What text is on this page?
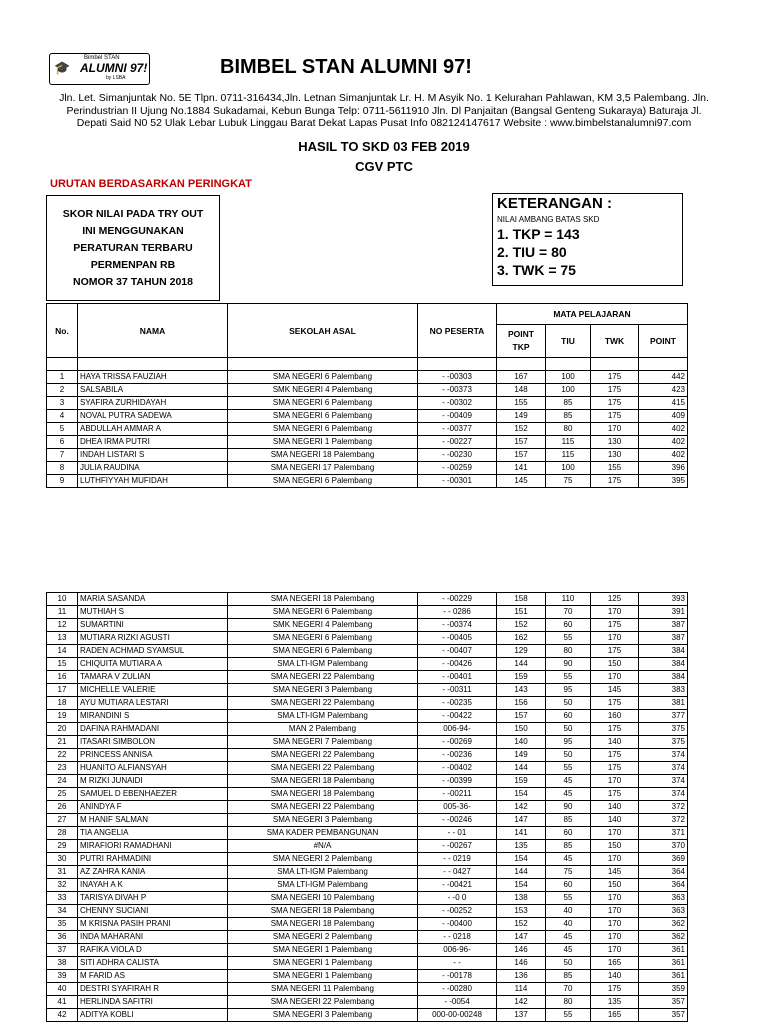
🎓
Bimbel STAN
ALUMNI 97!
by LSBA	BIMBEL STAN ALUMNI 97!
Jln. Let. Simanjuntak No. 5E Tlpn. 0711-316434,Jln. Letnan Simanjuntak Lr. H. M Asyik No. 1 Kelurahan Pahlawan, KM 3,5 Palembang. Jln.
Perindustrian II Ujung No.1884 Sukadamai, Kebun Bunga Telp: 0711-5611910 Jln. Dl Panjaitan (Bangsal Genteng Sukaraya) Baturaja Jl.
Depati Said N0 52 Ulak Lebar Lubuk Linggau Barat Dekat Lapas Pusat Info 082124147617 Website : www.bimbelstanalumni97.com
HASIL TO SKD 03 FEB 2019
CGV PTC
URUTAN BERDASARKAN PERINGKAT
SKOR NILAI PADA TRY OUT
INI MENGGUNAKAN
PERATURAN TERBARU
PERMENPAN RB
NOMOR 37 TAHUN 2018
KETERANGAN :
NILAI AMBANG BATAS SKD
1. TKP = 143
2. TIU = 80
3. TWK = 75
No.	NAMA	SEKOLAH ASAL	NO PESERTA	MATA PELAJARAN			
				POINT TKP	TIU	TWK	POINT

1	HAYA TRISSA FAUZIAH	SMA NEGERI 6 Palembang	- -00303	167	100	175	442
2	SALSABILA	SMK NEGERI 4 Palembang	- -00373	148	100	175	423
3	SYAFIRA ZURHIDAYAH	SMA NEGERI 6 Palembang	- -00302	155	85	175	415
4	NOVAL PUTRA SADEWA	SMA NEGERI 6 Palembang	- -00409	149	85	175	409
5	ABDULLAH AMMAR A	SMA NEGERI 6 Palembang	- -00377	152	80	170	402
6	DHEA IRMA PUTRI	SMA NEGERI 1 Palembang	- -00227	157	115	130	402
7	INDAH LISTARI S	SMA NEGERI 18 Palembang	- -00230	157	115	130	402
8	JULIA RAUDINA	SMA NEGERI 17 Palembang	- -00259	141	100	155	396
9	LUTHFIYYAH MUFIDAH	SMA NEGERI 6 Palembang	- -00301	145	75	175	395
10	MARIA SASANDA	SMA NEGERI 18 Palembang	- -00229	158	110	125	393
11	MUTHIAH S	SMA NEGERI 6 Palembang	- - 0286	151	70	170	391
12	SUMARTINI	SMK NEGERI 4 Palembang	- -00374	152	60	175	387
13	MUTIARA RIZKI AGUSTI	SMA NEGERI 6 Palembang	- -00405	162	55	170	387
14	RADEN ACHMAD SYAMSUL	SMA NEGERI 6 Palembang	- -00407	129	80	175	384
15	CHIQUITA MUTIARA A	SMA LTI-IGM Palembang	- -00426	144	90	150	384
16	TAMARA V ZULIAN	SMA NEGERI 22 Palembang	- -00401	159	55	170	384
17	MICHELLE VALERIE	SMA NEGERI 3 Palembang	- -00311	143	95	145	383
18	AYU MUTIARA LESTARI	SMA NEGERI 22 Palembang	- -00235	156	50	175	381
19	MIRANDINI S	SMA LTI-IGM Palembang	- -00422	157	60	160	377
20	DAFINA RAHMADANI	MAN 2 Palembang	006-94-	150	50	175	375
21	ITASARI SIMBOLON	SMA NEGERI 7 Palembang	- -00269	140	95	140	375
22	PRINCESS ANNISA	SMA NEGERI 22 Palembang	- -00236	149	50	175	374
23	HUANITO ALFIANSYAH	SMA NEGERI 22 Palembang	- -00402	144	55	175	374
24	M RIZKI JUNAIDI	SMA NEGERI 18 Palembang	- -00399	159	45	170	374
25	SAMUEL D EBENHAEZER	SMA NEGERI 18 Palembang	- -00211	154	45	175	374
26	ANINDYA F	SMA NEGERI 22 Palembang	005-36-	142	90	140	372
27	M HANIF SALMAN	SMA NEGERI 3 Palembang	- -00246	147	85	140	372
28	TIA ANGELIA	SMA KADER PEMBANGUNAN	- - 01	141	60	170	371
29	MIRAFIORI RAMADHANI	#N/A	- -00267	135	85	150	370
30	PUTRI RAHMADINI	SMA NEGERI 2 Palembang	- - 0219	154	45	170	369
31	AZ ZAHRA KANIA	SMA LTI-IGM Palembang	- - 0427	144	75	145	364
32	INAYAH A K	SMA LTI-IGM Palembang	- -00421	154	60	150	364
33	TARISYA DIVAH P	SMA NEGERI 10 Palembang	- -0 0	138	55	170	363
34	CHENNY SUCIANI	SMA NEGERI 18 Palembang	- -00252	153	40	170	363
35	M KRISNA PASIH PRANI	SMA NEGERI 18 Palembang	- -00400	152	40	170	362
36	INDA MAHARANI	SMA NEGERI 2 Palembang	- - 0218	147	45	170	362
37	RAFIKA VIOLA D	SMA NEGERI 1 Palembang	006-96-	146	45	170	361
38	SITI ADHRA CALISTA	SMA NEGERI 1 Palembang	- -	146	50	165	361
39	M FARID AS	SMA NEGERI 1 Palembang	- -00178	136	85	140	361
40	DESTRI SYAFIRAH R	SMA NEGERI 11 Palembang	- -00280	114	70	175	359
41	HERLINDA SAFITRI	SMA NEGERI 22 Palembang	- -0054	142	80	135	357
42	ADITYA KOBLI	SMA NEGERI 3 Palembang	000-00-00248	137	55	165	357
